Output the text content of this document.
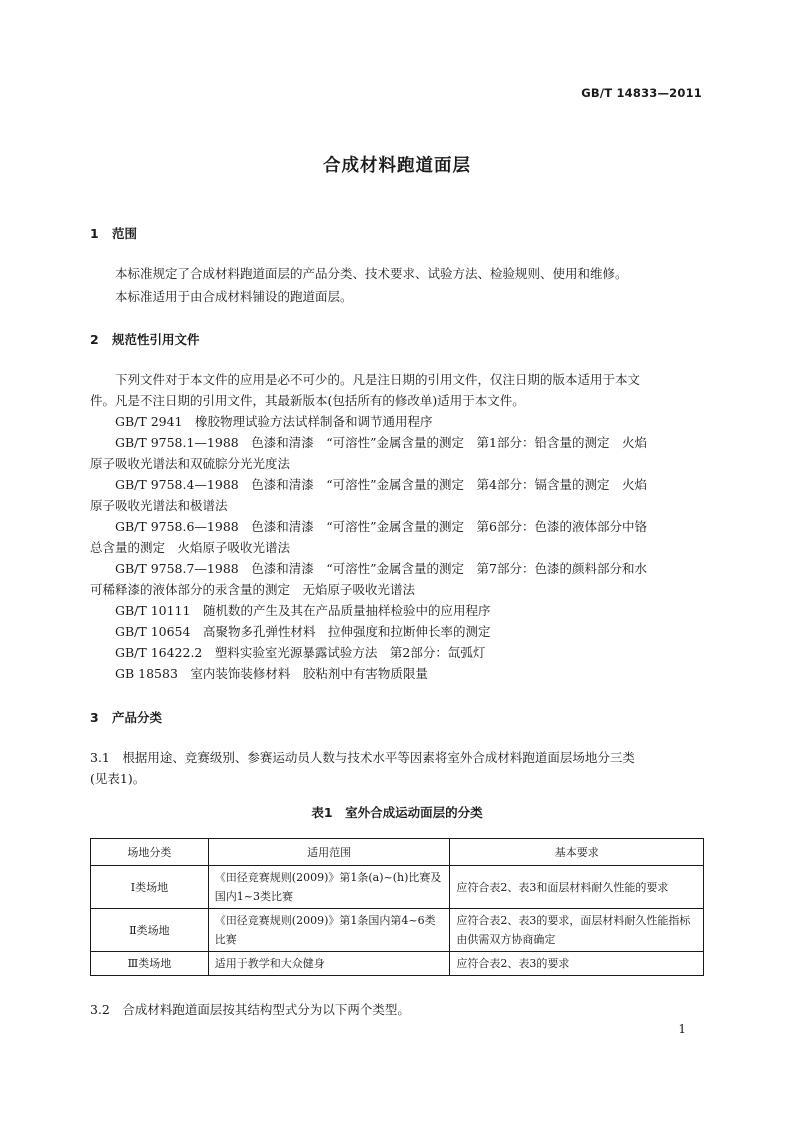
GB/T 14833—2011
合成材料跑道面层
1 范围
本标准规定了合成材料跑道面层的产品分类、技术要求、试验方法、检验规则、使用和维修。
本标准适用于由合成材料铺设的跑道面层。
2 规范性引用文件
下列文件对于本文件的应用是必不可少的。凡是注日期的引用文件，仅注日期的版本适用于本文
件。凡是不注日期的引用文件，其最新版本(包括所有的修改单)适用于本文件。
GB/T 2941　橡胶物理试验方法试样制备和调节通用程序
GB/T 9758.1—1988　色漆和清漆　“可溶性”金属含量的测定　第1部分：铅含量的测定　火焰
原子吸收光谱法和双硫腙分光光度法
GB/T 9758.4—1988　色漆和清漆　“可溶性”金属含量的测定　第4部分：镉含量的测定　火焰
原子吸收光谱法和极谱法
GB/T 9758.6—1988　色漆和清漆　“可溶性”金属含量的测定　第6部分：色漆的液体部分中铬
总含量的测定　火焰原子吸收光谱法
GB/T 9758.7—1988　色漆和清漆　“可溶性”金属含量的测定　第7部分：色漆的颜料部分和水
可稀释漆的液体部分的汞含量的测定　无焰原子吸收光谱法
GB/T 10111　随机数的产生及其在产品质量抽样检验中的应用程序
GB/T 10654　高聚物多孔弹性材料　拉伸强度和拉断伸长率的测定
GB/T 16422.2　塑料实验室光源暴露试验方法　第2部分：氙弧灯
GB 18583　室内装饰装修材料　胶粘剂中有害物质限量
3 产品分类
3.1　根据用途、竞赛级别、参赛运动员人数与技术水平等因素将室外合成材料跑道面层场地分三类
(见表1)。
表1　室外合成运动面层的分类
场地分类	适用范围	基本要求
Ⅰ类场地	《田径竞赛规则(2009)》第1条(a)~(h)比赛及国内1~3类比赛	应符合表2、表3和面层材料耐久性能的要求
Ⅱ类场地	《田径竞赛规则(2009)》第1条国内第4~6类比赛	应符合表2、表3的要求，面层材料耐久性能指标由供需双方协商确定
Ⅲ类场地	适用于教学和大众健身	应符合表2、表3的要求
3.2　合成材料跑道面层按其结构型式分为以下两个类型。
1
